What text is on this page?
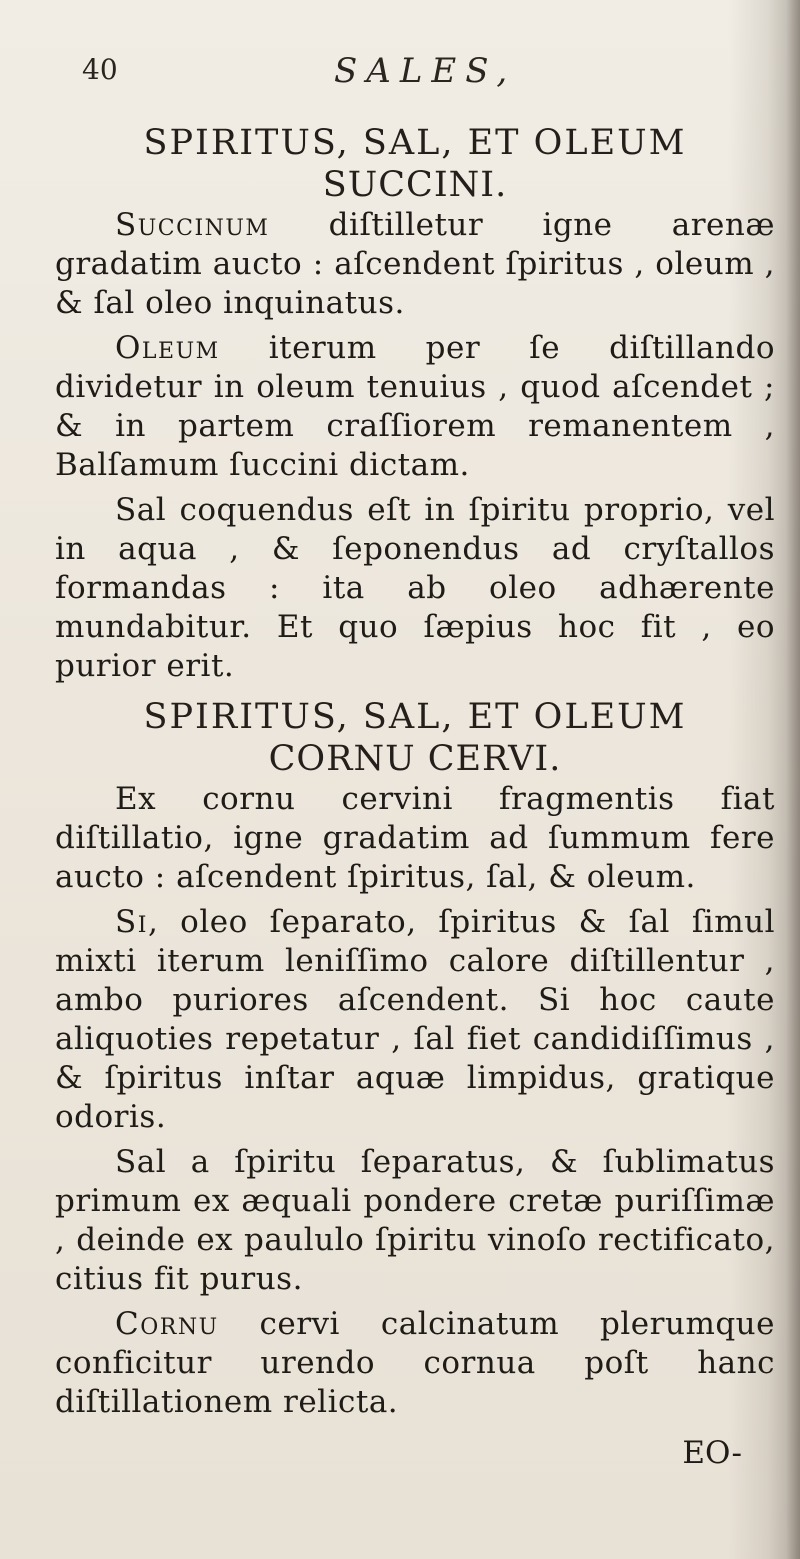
40	SALES,
SPIRITUS, SAL, ET OLEUM
SUCCINI.

Succinum diſtilletur igne arenæ gradatim aucto : aſcendent ſpiritus , oleum , & ſal oleo inquinatus.

Oleum iterum per ſe diſtillando dividetur in oleum tenuius , quod aſcendet ; & in partem craſſiorem remanentem , Balſamum ſuccini dictam.

Sal coquendus eſt in ſpiritu proprio, vel in aqua , & ſeponendus ad cryſtallos formandas : ita ab oleo adhærente mundabitur. Et quo ſæpius hoc fit , eo purior erit.

SPIRITUS, SAL, ET OLEUM
CORNU CERVI.

Ex cornu cervini fragmentis fiat diſtillatio, igne gradatim ad ſummum fere aucto : aſcendent ſpiritus, ſal, & oleum.

Si, oleo ſeparato, ſpiritus & ſal ſimul mixti iterum leniſſimo calore diſtillentur , ambo puriores aſcendent. Si hoc caute aliquoties repetatur , ſal fiet candidiſſimus , & ſpiritus inſtar aquæ limpidus, gratique odoris.

Sal a ſpiritu ſeparatus, & ſublimatus primum ex æquali pondere cretæ puriſſimæ , deinde ex paululo ſpiritu vinoſo rectificato, citius fit purus.

Cornu cervi calcinatum plerumque conficitur urendo cornua poſt hanc diſtillationem relicta.

EO-
